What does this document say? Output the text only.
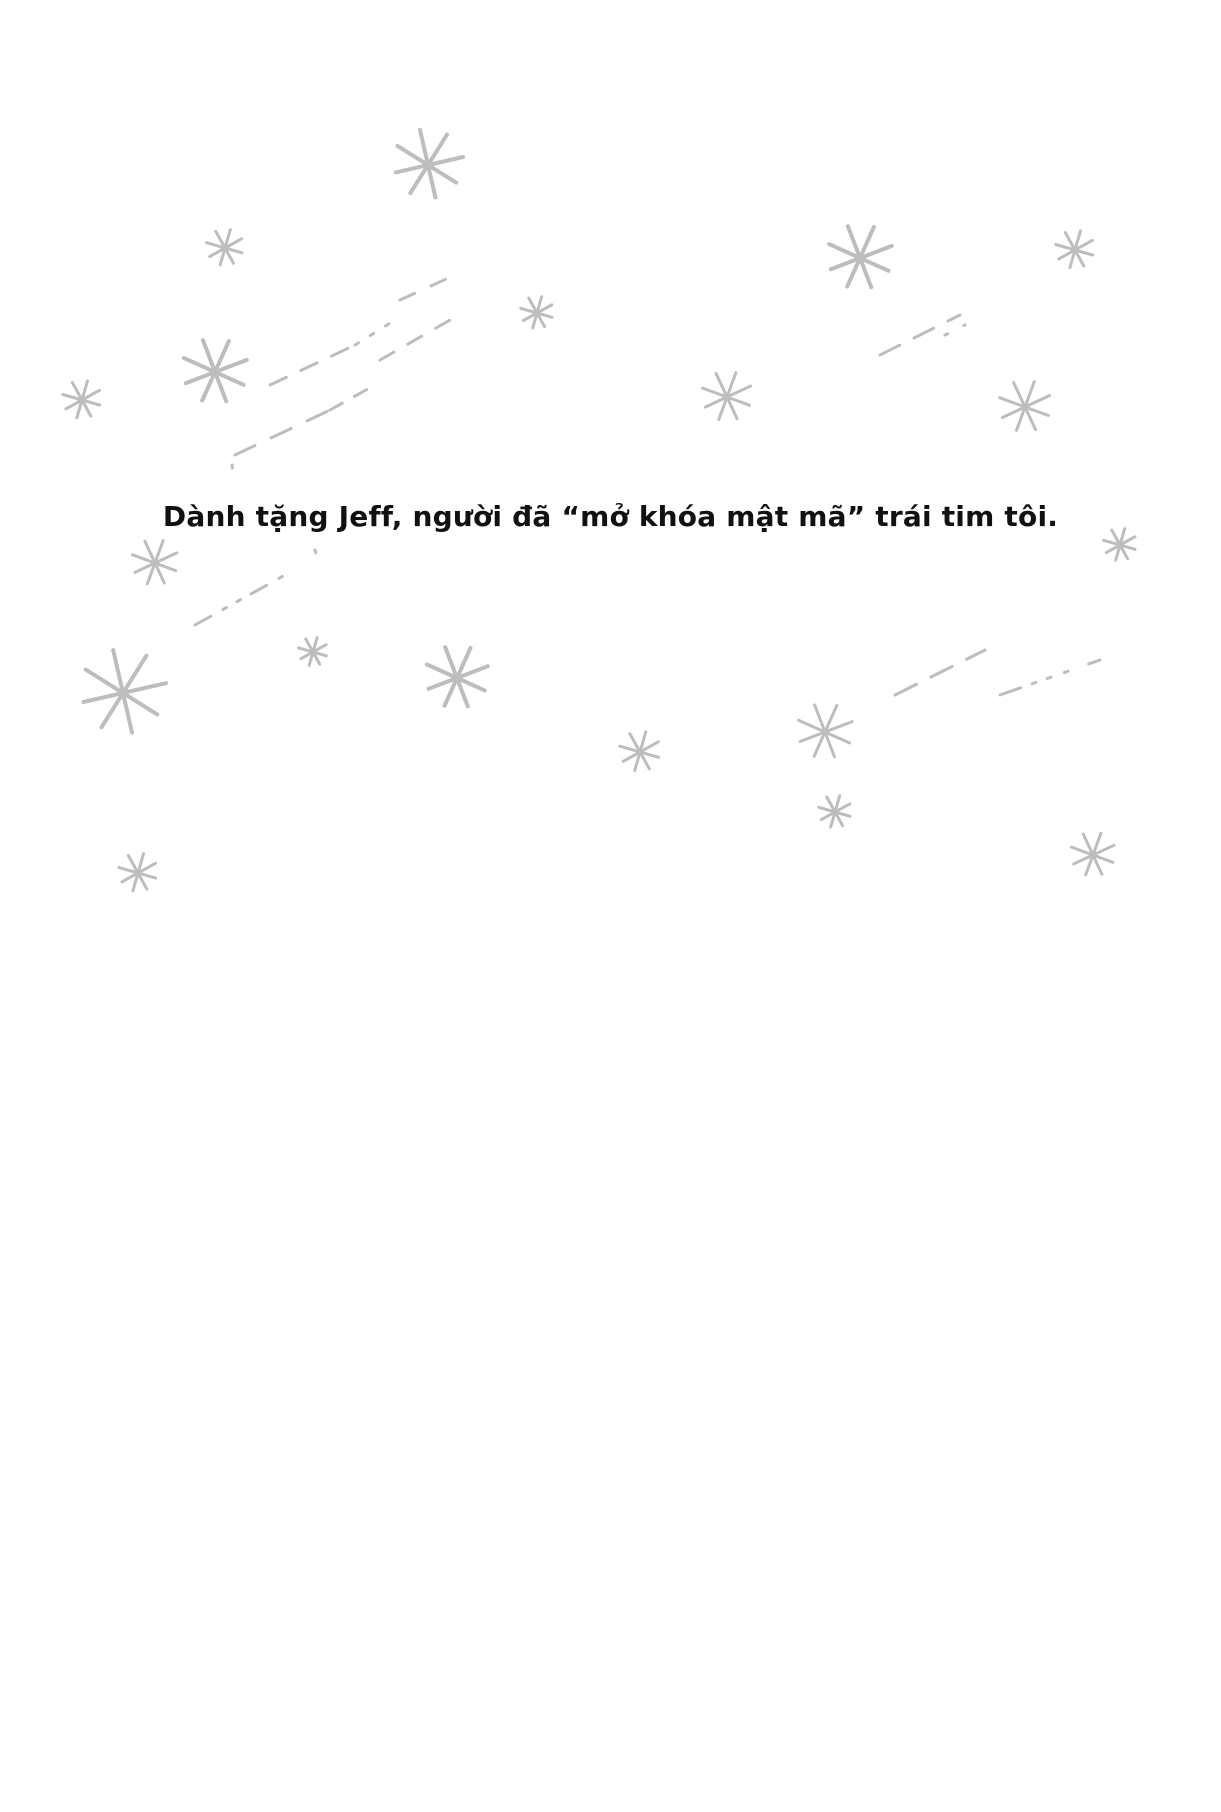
Dành tặng Jeff, người đã “mở khóa mật mã” trái tim tôi.
